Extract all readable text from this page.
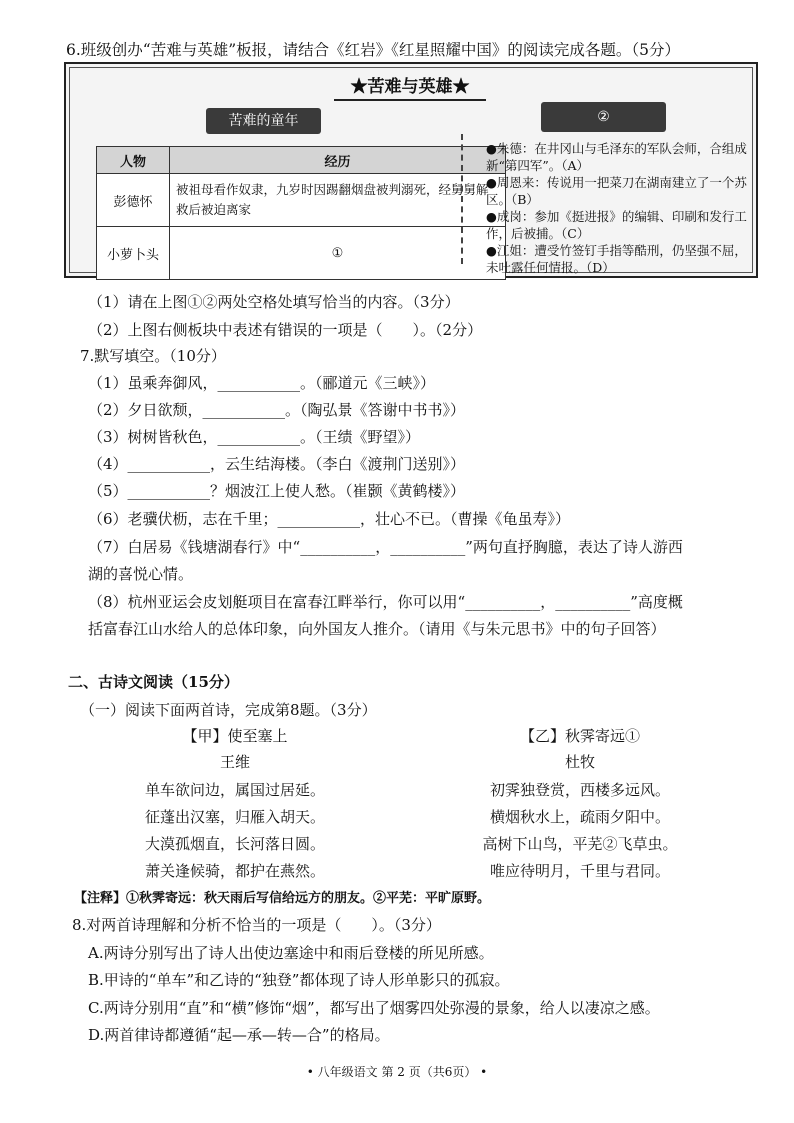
6.班级创办“苦难与英雄”板报，请结合《红岩》《红星照耀中国》的阅读完成各题。（5分）
★苦难与英雄★
苦难的童年	②
人物	经历
彭德怀	被祖母看作奴隶，九岁时因踢翻烟盘被判溺死，经舅舅解救后被迫离家
小萝卜头	①
●朱德：在井冈山与毛泽东的军队会师，合组成新“第四军”。（A）
●周恩来：传说用一把菜刀在湖南建立了一个苏区。（B）
●成岗：参加《挺进报》的编辑、印刷和发行工作，后被捕。（C）
●江姐：遭受竹签钉手指等酷刑，仍坚强不屈，未吐露任何情报。（D）
（1）请在上图①②两处空格处填写恰当的内容。（3分）
（2）上图右侧板块中表述有错误的一项是（　　）。（2分）
7.默写填空。（10分）
（1）虽乘奔御风，___________。（郦道元《三峡》）
（2）夕日欲颓，___________。（陶弘景《答谢中书书》）
（3）树树皆秋色，___________。（王绩《野望》）
（4）___________，云生结海楼。（李白《渡荆门送别》）
（5）___________？烟波江上使人愁。（崔颢《黄鹤楼》）
（6）老骥伏枥，志在千里；___________，壮心不已。（曹操《龟虽寿》）
（7）白居易《钱塘湖春行》中“__________，__________”两句直抒胸臆，表达了诗人游西
湖的喜悦心情。
（8）杭州亚运会皮划艇项目在富春江畔举行，你可以用“__________，__________”高度概
括富春江山水给人的总体印象，向外国友人推介。（请用《与朱元思书》中的句子回答）
二、古诗文阅读（15分）
（一）阅读下面两首诗，完成第8题。（3分）
【甲】使至塞上
王维
单车欲问边，属国过居延。
征蓬出汉塞，归雁入胡天。
大漠孤烟直，长河落日圆。
萧关逢候骑，都护在燕然。
【乙】秋霁寄远①
杜牧
初霁独登赏，西楼多远风。
横烟秋水上，疏雨夕阳中。
高树下山鸟，平芜②飞草虫。
唯应待明月，千里与君同。
【注释】①秋霁寄远：秋天雨后写信给远方的朋友。②平芜：平旷原野。
8.对两首诗理解和分析不恰当的一项是（　　）。（3分）
A.两诗分别写出了诗人出使边塞途中和雨后登楼的所见所感。
B.甲诗的“单车”和乙诗的“独登”都体现了诗人形单影只的孤寂。
C.两诗分别用“直”和“横”修饰“烟”，都写出了烟雾四处弥漫的景象，给人以凄凉之感。
D.两首律诗都遵循“起—承—转—合”的格局。
• 八年级语文 第 2 页（共6页） •
